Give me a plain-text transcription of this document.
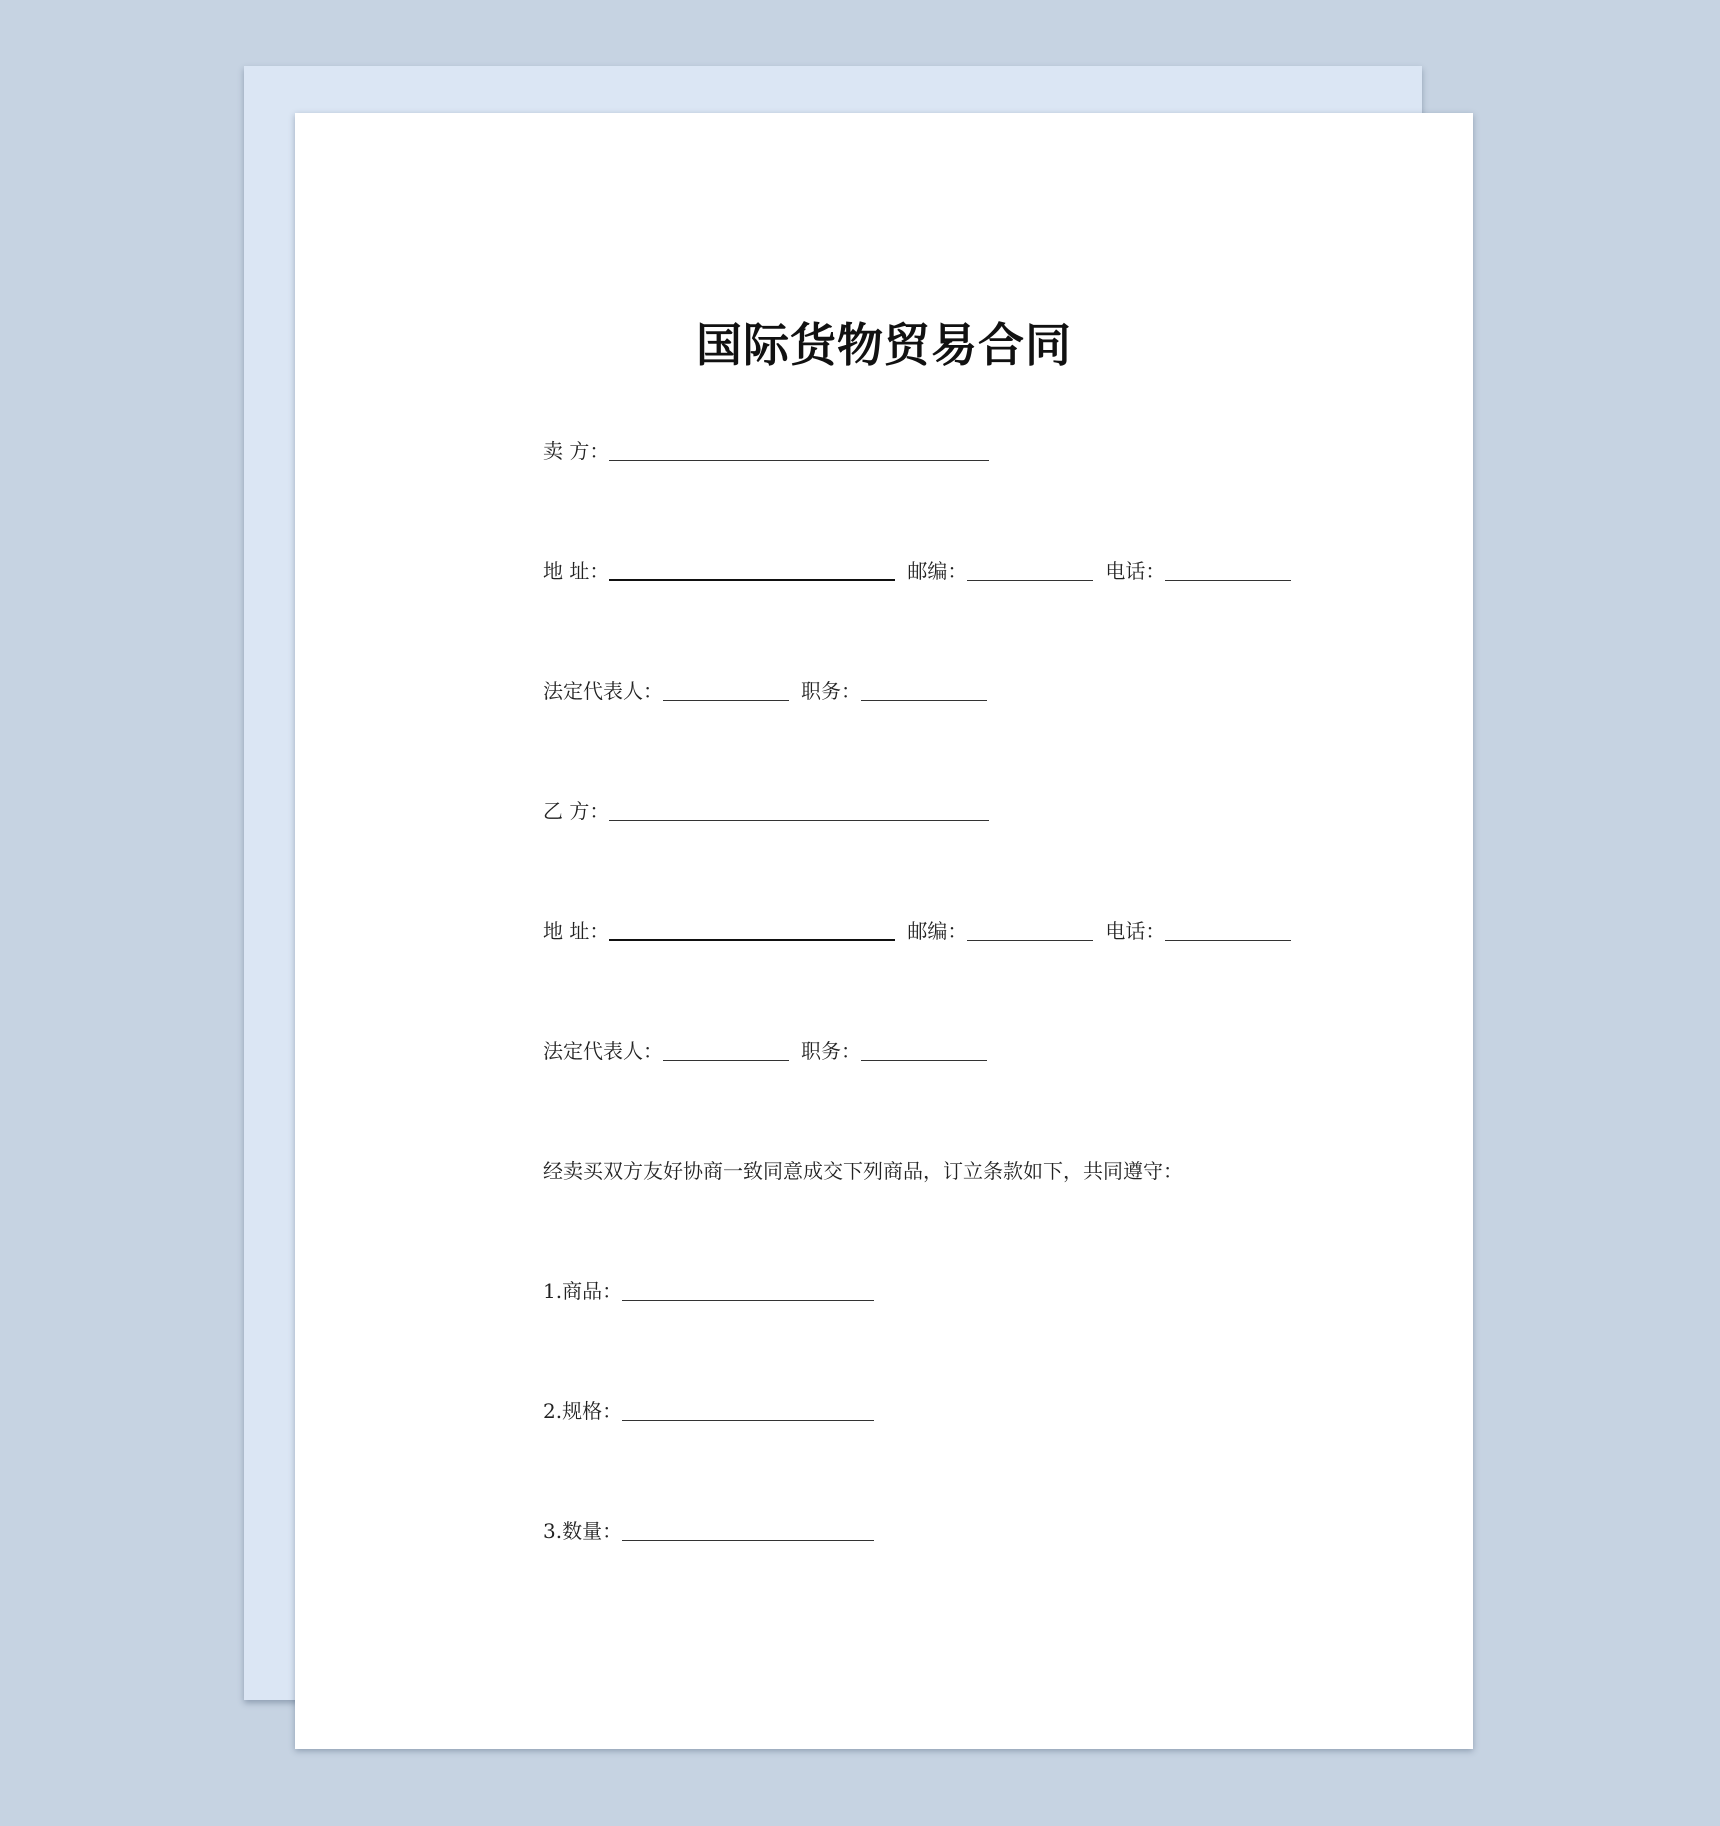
国际货物贸易合同
卖 方：
地 址：	邮编：	电话：
法定代表人：	职务：
乙 方：
地 址：	邮编：	电话：
法定代表人：	职务：
经卖买双方友好协商一致同意成交下列商品，订立条款如下，共同遵守：
1.商品：
2.规格：
3.数量：
